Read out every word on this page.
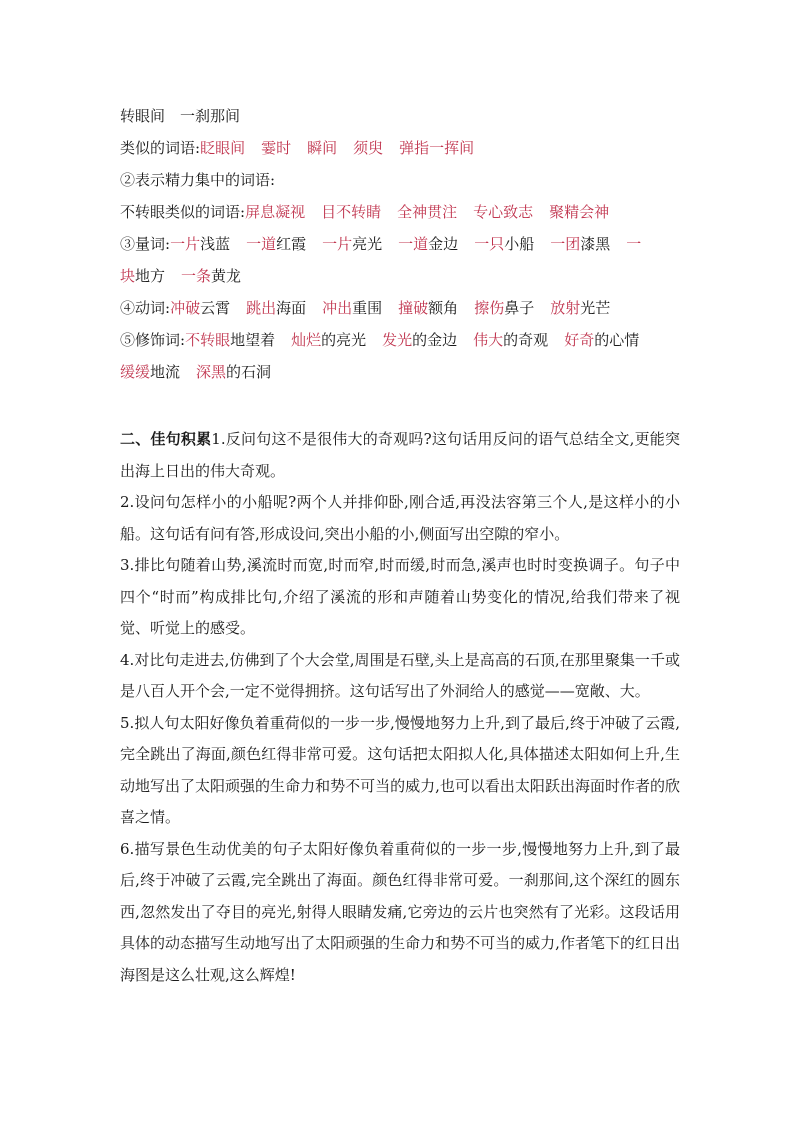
转眼间　一刹那间

类似的词语:眨眼间 霎时 瞬间 须臾 弹指一挥间

②表示精力集中的词语:

不转眼类似的词语:屏息凝视 目不转睛 全神贯注 专心致志 聚精会神

③量词:一片浅蓝 一道红霞 一片亮光 一道金边 一只小船 一团漆黑 一

块地方 一条黄龙

④动词:冲破云霄 跳出海面 冲出重围 撞破额角 擦伤鼻子 放射光芒

⑤修饰词:不转眼地望着 灿烂的亮光 发光的金边 伟大的奇观 好奇的心情

缓缓地流 深黑的石洞

二、佳句积累1.反问句这不是很伟大的奇观吗?这句话用反问的语气总结全文,更能突出海上日出的伟大奇观。

2.设问句怎样小的小船呢?两个人并排仰卧,刚合适,再没法容第三个人,是这样小的小船。这句话有问有答,形成设问,突出小船的小,侧面写出空隙的窄小。

3.排比句随着山势,溪流时而宽,时而窄,时而缓,时而急,溪声也时时变换调子。句子中四个“时而”构成排比句,介绍了溪流的形和声随着山势变化的情况,给我们带来了视觉、听觉上的感受。

4.对比句走进去,仿佛到了个大会堂,周围是石壁,头上是高高的石顶,在那里聚集一千或是八百人开个会,一定不觉得拥挤。这句话写出了外洞给人的感觉——宽敞、大。

5.拟人句太阳好像负着重荷似的一步一步,慢慢地努力上升,到了最后,终于冲破了云霞,完全跳出了海面,颜色红得非常可爱。这句话把太阳拟人化,具体描述太阳如何上升,生动地写出了太阳顽强的生命力和势不可当的威力,也可以看出太阳跃出海面时作者的欣喜之情。

6.描写景色生动优美的句子太阳好像负着重荷似的一步一步,慢慢地努力上升,到了最后,终于冲破了云霞,完全跳出了海面。颜色红得非常可爱。一刹那间,这个深红的圆东西,忽然发出了夺目的亮光,射得人眼睛发痛,它旁边的云片也突然有了光彩。这段话用具体的动态描写生动地写出了太阳顽强的生命力和势不可当的威力,作者笔下的红日出海图是这么壮观,这么辉煌!
